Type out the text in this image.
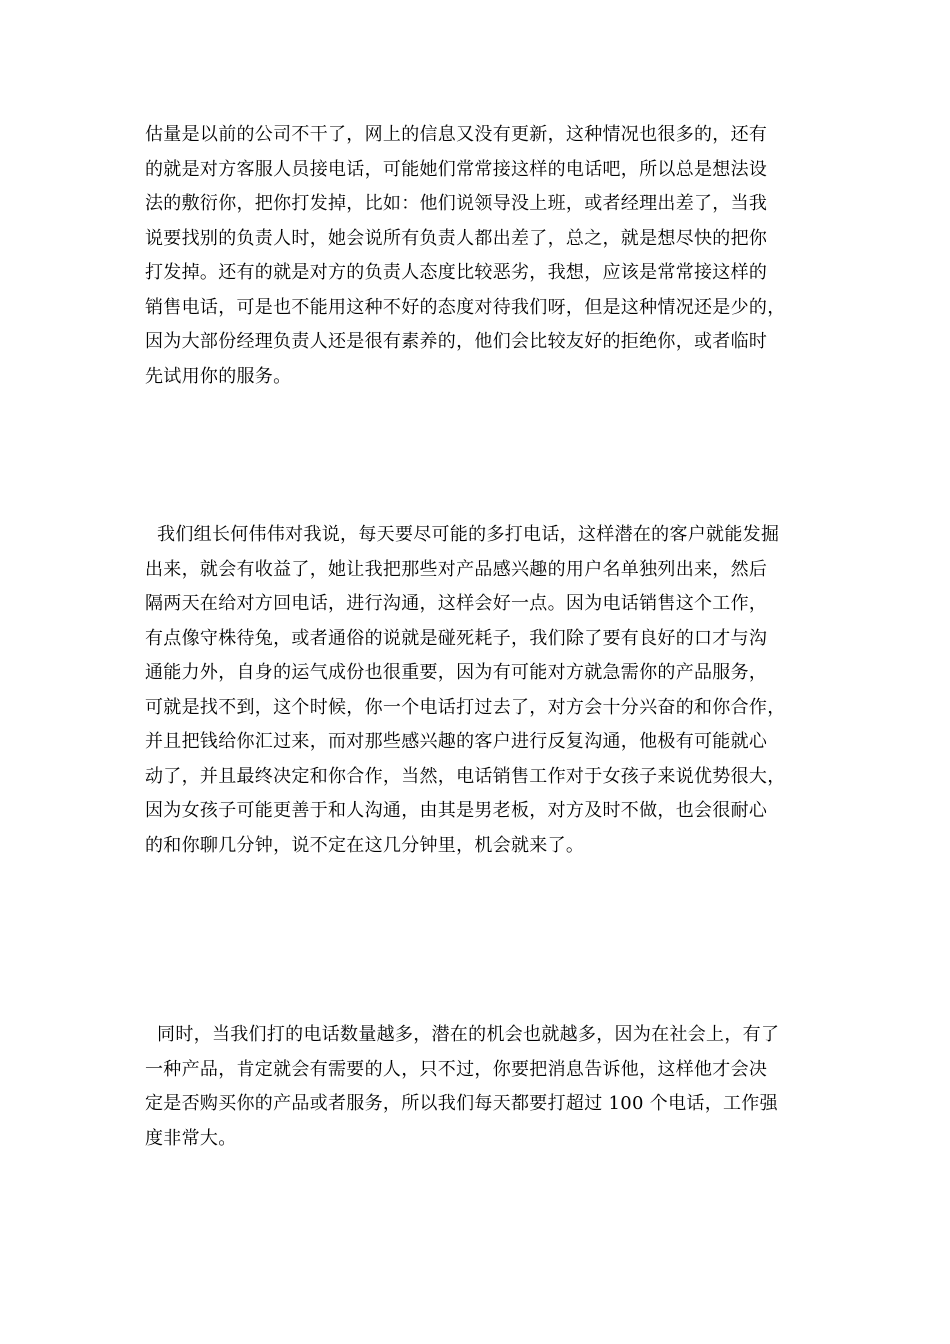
估量是以前的公司不干了，网上的信息又没有更新，这种情况也很多的，还有
的就是对方客服人员接电话，可能她们常常接这样的电话吧，所以总是想法设
法的敷衍你，把你打发掉，比如：他们说领导没上班，或者经理出差了，当我
说要找别的负责人时，她会说所有负责人都出差了，总之，就是想尽快的把你
打发掉。还有的就是对方的负责人态度比较恶劣，我想，应该是常常接这样的
销售电话，可是也不能用这种不好的态度对待我们呀，但是这种情况还是少的，
因为大部份经理负责人还是很有素养的，他们会比较友好的拒绝你，或者临时
先试用你的服务。

我们组长何伟伟对我说，每天要尽可能的多打电话，这样潜在的客户就能发掘
出来，就会有收益了，她让我把那些对产品感兴趣的用户名单独列出来，然后
隔两天在给对方回电话，进行沟通，这样会好一点。因为电话销售这个工作，
有点像守株待兔，或者通俗的说就是碰死耗子，我们除了要有良好的口才与沟
通能力外，自身的运气成份也很重要，因为有可能对方就急需你的产品服务，
可就是找不到，这个时候，你一个电话打过去了，对方会十分兴奋的和你合作，
并且把钱给你汇过来，而对那些感兴趣的客户进行反复沟通，他极有可能就心
动了，并且最终决定和你合作，当然，电话销售工作对于女孩子来说优势很大，
因为女孩子可能更善于和人沟通，由其是男老板，对方及时不做，也会很耐心
的和你聊几分钟，说不定在这几分钟里，机会就来了。

同时，当我们打的电话数量越多，潜在的机会也就越多，因为在社会上，有了
一种产品，肯定就会有需要的人，只不过，你要把消息告诉他，这样他才会决
定是否购买你的产品或者服务，所以我们每天都要打超过 100 个电话，工作强
度非常大。
